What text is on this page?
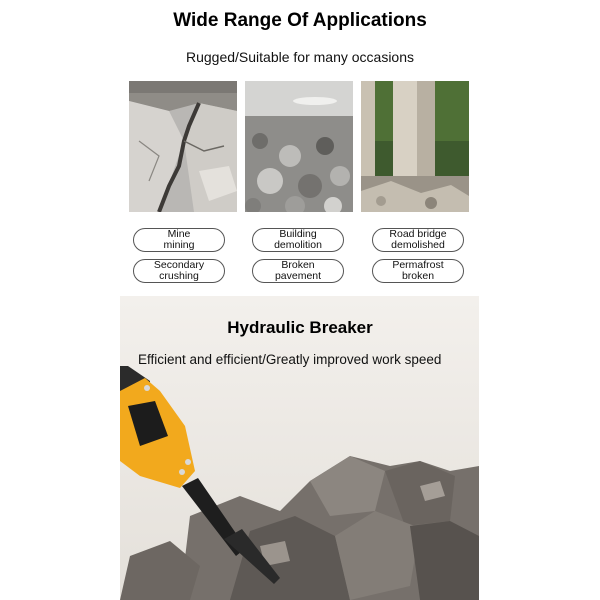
Wide Range Of Applications
Rugged/Suitable for many occasions
Mine
mining
Building
demolition
Road bridge
demolished
Secondary
crushing
Broken
pavement
Permafrost
broken
Hydraulic Breaker
Efficient and efficient/Greatly improved work speed
